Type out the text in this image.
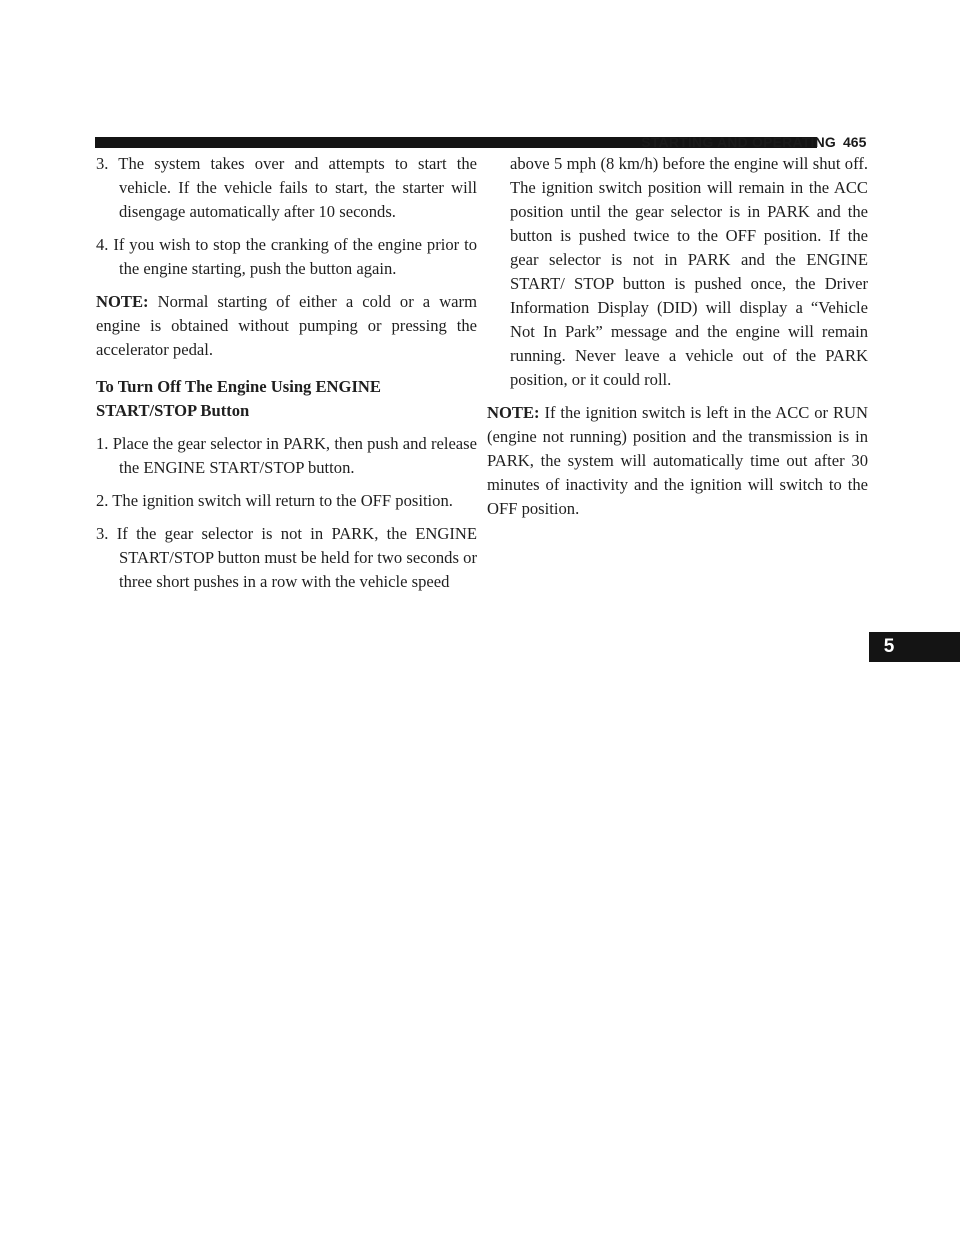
STARTING AND OPERATING 465
5

3. The system takes over and attempts to start the vehicle. If the vehicle fails to start, the starter will disengage automatically after 10 seconds.

4. If you wish to stop the cranking of the engine prior to the engine starting, push the button again.

NOTE: Normal starting of either a cold or a warm engine is obtained without pumping or pressing the accelerator pedal.

To Turn Off The Engine Using ENGINE
START/STOP Button

1. Place the gear selector in PARK, then push and release the ENGINE START/STOP button.

2. The ignition switch will return to the OFF position.

3. If the gear selector is not in PARK, the ENGINE START/STOP button must be held for two seconds or three short pushes in a row with the vehicle speed

above 5 mph (8 km/h) before the engine will shut off. The ignition switch position will remain in the ACC position until the gear selector is in PARK and the button is pushed twice to the OFF position. If the gear selector is not in PARK and the ENGINE START/ STOP button is pushed once, the Driver Information Display (DID) will display a “Vehicle Not In Park” message and the engine will remain running. Never leave a vehicle out of the PARK position, or it could roll.

NOTE: If the ignition switch is left in the ACC or RUN (engine not running) position and the transmission is in PARK, the system will automatically time out after 30 minutes of inactivity and the ignition will switch to the OFF position.
